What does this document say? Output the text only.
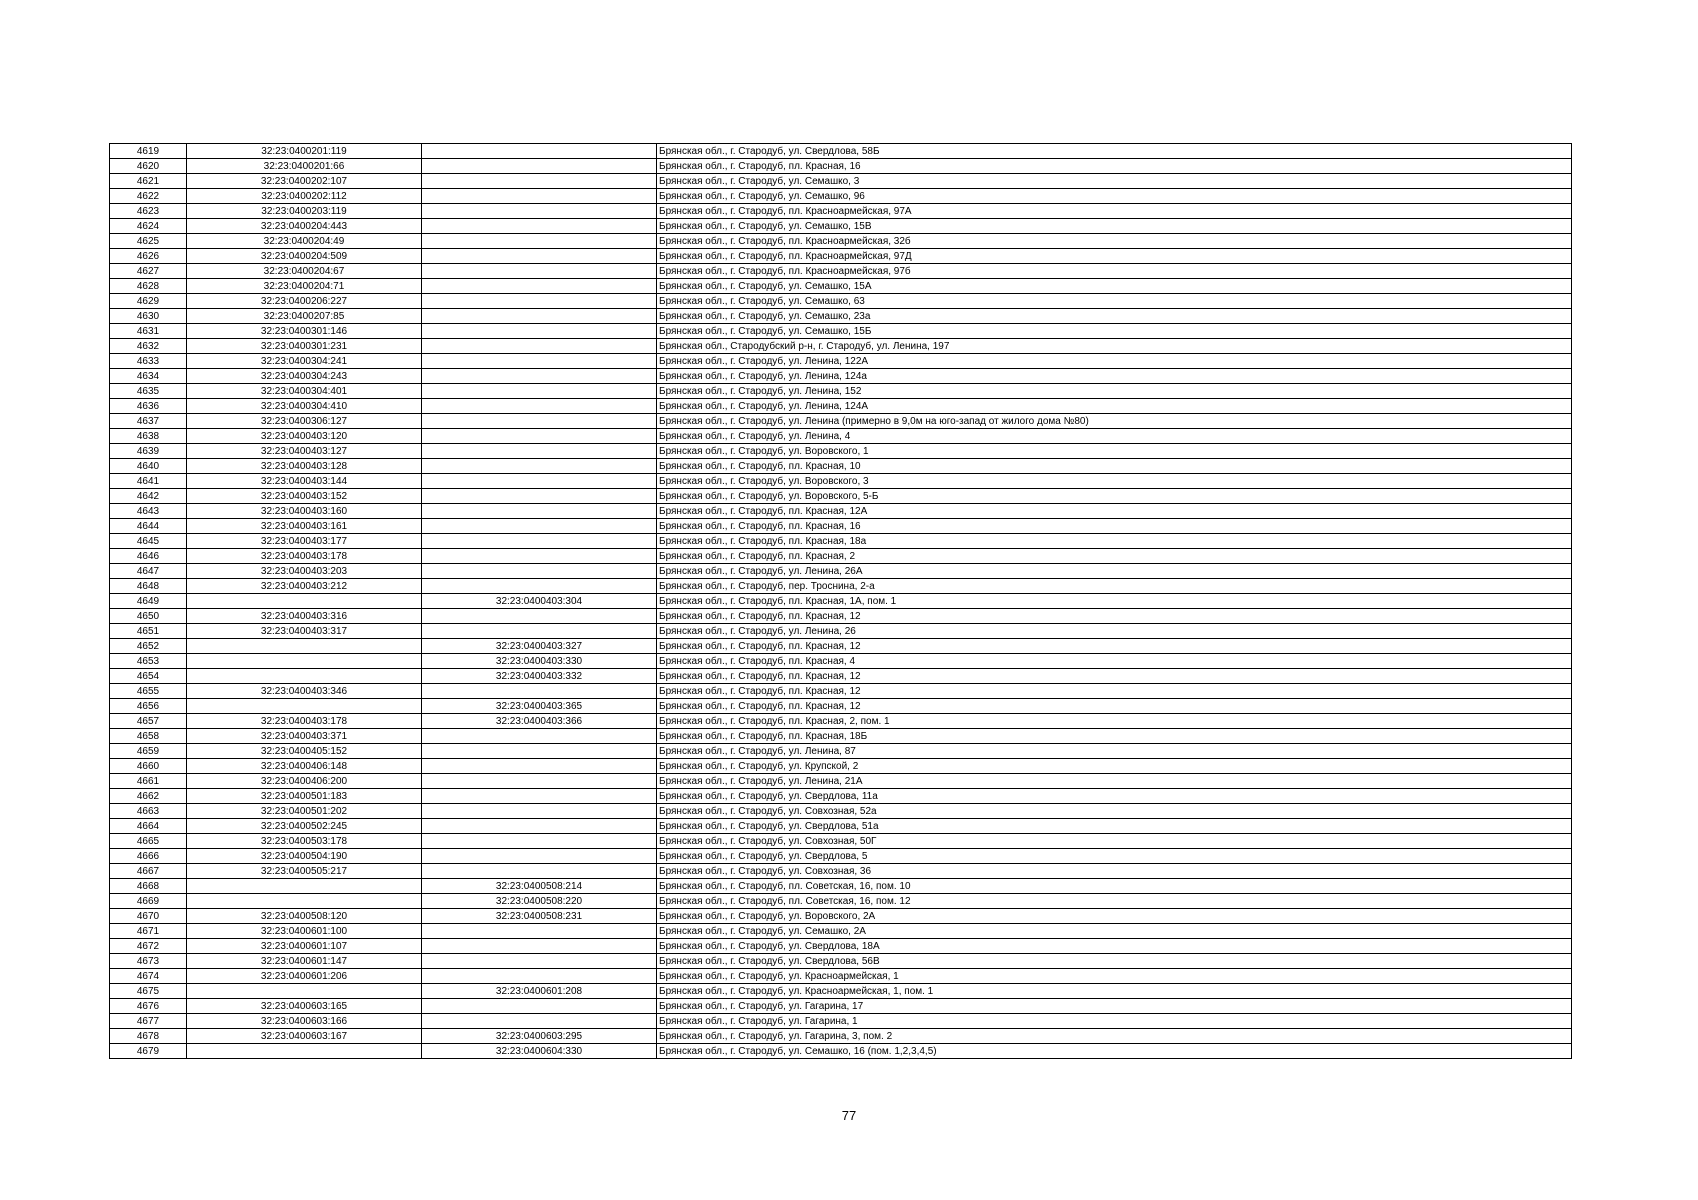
4619	32:23:0400201:119		Брянская обл., г. Стародуб, ул. Свердлова, 58Б
4620	32:23:0400201:66		Брянская обл., г. Стародуб, пл. Красная, 16
4621	32:23:0400202:107		Брянская обл., г. Стародуб, ул. Семашко, 3
4622	32:23:0400202:112		Брянская обл., г. Стародуб, ул. Семашко, 96
4623	32:23:0400203:119		Брянская обл., г. Стародуб, пл. Красноармейская, 97А
4624	32:23:0400204:443		Брянская обл., г. Стародуб, ул. Семашко, 15В
4625	32:23:0400204:49		Брянская обл., г. Стародуб, пл. Красноармейская, 32б
4626	32:23:0400204:509		Брянская обл., г. Стародуб, пл. Красноармейская, 97Д
4627	32:23:0400204:67		Брянская обл., г. Стародуб, пл. Красноармейская, 97б
4628	32:23:0400204:71		Брянская обл., г. Стародуб, ул. Семашко, 15А
4629	32:23:0400206:227		Брянская обл., г. Стародуб, ул. Семашко, 63
4630	32:23:0400207:85		Брянская обл., г. Стародуб, ул. Семашко, 23а
4631	32:23:0400301:146		Брянская обл., г. Стародуб, ул. Семашко, 15Б
4632	32:23:0400301:231		Брянская обл., Стародубский р-н, г. Стародуб, ул. Ленина, 197
4633	32:23:0400304:241		Брянская обл., г. Стародуб, ул. Ленина, 122А
4634	32:23:0400304:243		Брянская обл., г. Стародуб, ул. Ленина, 124а
4635	32:23:0400304:401		Брянская обл., г. Стародуб, ул. Ленина, 152
4636	32:23:0400304:410		Брянская обл., г. Стародуб, ул. Ленина, 124А
4637	32:23:0400306:127		Брянская обл., г. Стародуб, ул. Ленина (примерно в 9,0м на юго-запад от жилого дома №80)
4638	32:23:0400403:120		Брянская обл., г. Стародуб, ул. Ленина, 4
4639	32:23:0400403:127		Брянская обл., г. Стародуб, ул. Воровского, 1
4640	32:23:0400403:128		Брянская обл., г. Стародуб, пл. Красная, 10
4641	32:23:0400403:144		Брянская обл., г. Стародуб, ул. Воровского, 3
4642	32:23:0400403:152		Брянская обл., г. Стародуб, ул. Воровского, 5-Б
4643	32:23:0400403:160		Брянская обл., г. Стародуб, пл. Красная, 12А
4644	32:23:0400403:161		Брянская обл., г. Стародуб, пл. Красная, 16
4645	32:23:0400403:177		Брянская обл., г. Стародуб, пл. Красная, 18а
4646	32:23:0400403:178		Брянская обл., г. Стародуб, пл. Красная, 2
4647	32:23:0400403:203		Брянская обл., г. Стародуб, ул. Ленина, 26А
4648	32:23:0400403:212		Брянская обл., г. Стародуб, пер. Троснина, 2-а
4649		32:23:0400403:304	Брянская обл., г. Стародуб, пл. Красная, 1А, пом. 1
4650	32:23:0400403:316		Брянская обл., г. Стародуб, пл. Красная, 12
4651	32:23:0400403:317		Брянская обл., г. Стародуб, ул. Ленина, 26
4652		32:23:0400403:327	Брянская обл., г. Стародуб, пл. Красная, 12
4653		32:23:0400403:330	Брянская обл., г. Стародуб, пл. Красная, 4
4654		32:23:0400403:332	Брянская обл., г. Стародуб, пл. Красная, 12
4655	32:23:0400403:346		Брянская обл., г. Стародуб, пл. Красная, 12
4656		32:23:0400403:365	Брянская обл., г. Стародуб, пл. Красная, 12
4657	32:23:0400403:178	32:23:0400403:366	Брянская обл., г. Стародуб, пл. Красная, 2, пом. 1
4658	32:23:0400403:371		Брянская обл., г. Стародуб, пл. Красная, 18Б
4659	32:23:0400405:152		Брянская обл., г. Стародуб, ул. Ленина, 87
4660	32:23:0400406:148		Брянская обл., г. Стародуб, ул. Крупской, 2
4661	32:23:0400406:200		Брянская обл., г. Стародуб, ул. Ленина, 21А
4662	32:23:0400501:183		Брянская обл., г. Стародуб, ул. Свердлова, 11а
4663	32:23:0400501:202		Брянская обл., г. Стародуб, ул. Совхозная, 52а
4664	32:23:0400502:245		Брянская обл., г. Стародуб, ул. Свердлова, 51а
4665	32:23:0400503:178		Брянская обл., г. Стародуб, ул. Совхозная, 50Г
4666	32:23:0400504:190		Брянская обл., г. Стародуб, ул. Свердлова, 5
4667	32:23:0400505:217		Брянская обл., г. Стародуб, ул. Совхозная, 36
4668		32:23:0400508:214	Брянская обл., г. Стародуб, пл. Советская, 16, пом. 10
4669		32:23:0400508:220	Брянская обл., г. Стародуб, пл. Советская, 16, пом. 12
4670	32:23:0400508:120	32:23:0400508:231	Брянская обл., г. Стародуб, ул. Воровского, 2А
4671	32:23:0400601:100		Брянская обл., г. Стародуб, ул. Семашко, 2А
4672	32:23:0400601:107		Брянская обл., г. Стародуб, ул. Свердлова, 18А
4673	32:23:0400601:147		Брянская обл., г. Стародуб, ул. Свердлова, 56В
4674	32:23:0400601:206		Брянская обл., г. Стародуб, ул. Красноармейская, 1
4675		32:23:0400601:208	Брянская обл., г. Стародуб, ул. Красноармейская, 1, пом. 1
4676	32:23:0400603:165		Брянская обл., г. Стародуб, ул. Гагарина, 17
4677	32:23:0400603:166		Брянская обл., г. Стародуб, ул. Гагарина, 1
4678	32:23:0400603:167	32:23:0400603:295	Брянская обл., г. Стародуб, ул. Гагарина, 3, пом. 2
4679		32:23:0400604:330	Брянская обл., г. Стародуб, ул. Семашко, 16 (пом. 1,2,3,4,5)
77
